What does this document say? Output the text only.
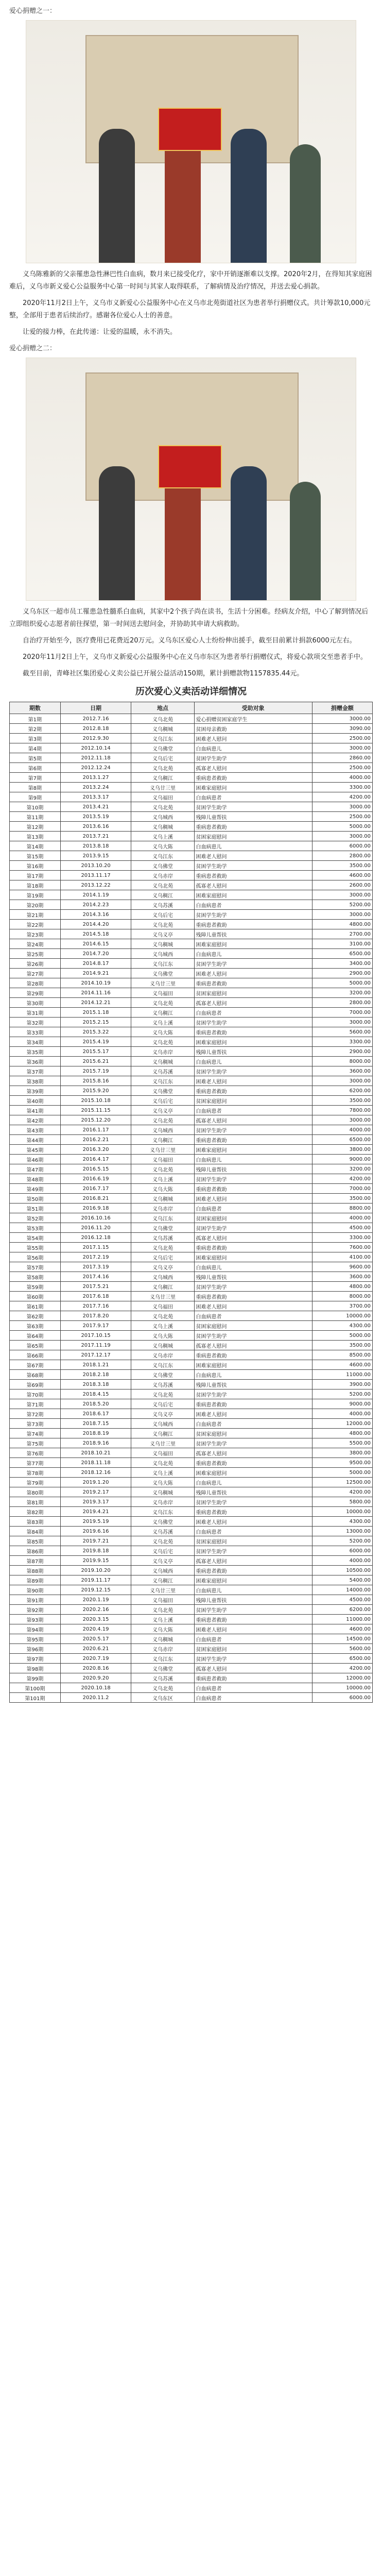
爱心捐赠之一：

义乌陈雅新的父亲罹患急性淋巴性白血病，数月来已接受化疗，家中开销逐渐难以支撑。2020年2月，在得知其家庭困难后，义乌市新义爱心公益服务中心第一时间与其家人取得联系，了解病情及治疗情况，并送去爱心捐款。

2020年11月2日上午，义乌市义新爱心公益服务中心在义乌市北苑街道社区为患者举行捐赠仪式。共计筹款10,000元整，全部用于患者后续治疗。感谢各位爱心人士的善意。

让爱的接力棒，在此传递：让爱的温暖，永不消失。

爱心捐赠之二：

义乌东区一超市员工罹患急性髓系白血病，其家中2个孩子尚在读书，生活十分困难。经病友介绍，中心了解到情况后立即组织爱心志愿者前往探望，第一时间送去慰问金，并协助其申请大病救助。

自治疗开始至今，医疗费用已花费近20万元。义乌东区爱心人士纷纷伸出援手，截至目前累计捐款6000元左右。

2020年11月2日上午，义乌市义新爱心公益服务中心在义乌市东区为患者举行捐赠仪式，将爱心款项交至患者手中。

截至目前，青峰社区集团爱心义卖公益已开展公益活动150期，累计捐赠款物1157835.44元。

历次爱心义卖活动详细情况
期数	日期	地点	受助对象	捐赠金额
第1期	2012.7.16	义乌北苑	爱心捐赠贫困家庭学生	3000.00
第2期	2012.8.18	义乌稠城	贫困母亲救助	3090.00
第3期	2012.9.30	义乌江东	困难老人慰问	2500.00
第4期	2012.10.14	义乌佛堂	白血病患儿	3000.00
第5期	2012.11.18	义乌后宅	贫困学生助学	2860.00
第6期	2012.12.24	义乌北苑	孤寡老人慰问	2500.00
第7期	2013.1.27	义乌稠江	重病患者救助	4000.00
第8期	2013.2.24	义乌廿三里	困难家庭慰问	3300.00
第9期	2013.3.17	义乌福田	白血病患者	4200.00
第10期	2013.4.21	义乌北苑	贫困学生助学	3000.00
第11期	2013.5.19	义乌城西	残障儿童帮扶	2500.00
第12期	2013.6.16	义乌稠城	重病患者救助	5000.00
第13期	2013.7.21	义乌上溪	贫困家庭慰问	3000.00
第14期	2013.8.18	义乌大陈	白血病患儿	6000.00
第15期	2013.9.15	义乌江东	困难老人慰问	2800.00
第16期	2013.10.20	义乌佛堂	贫困学生助学	3500.00
第17期	2013.11.17	义乌赤岸	重病患者救助	4600.00
第18期	2013.12.22	义乌北苑	孤寡老人慰问	2600.00
第19期	2014.1.19	义乌稠江	困难家庭慰问	3000.00
第20期	2014.2.23	义乌苏溪	白血病患者	5200.00
第21期	2014.3.16	义乌后宅	贫困学生助学	3000.00
第22期	2014.4.20	义乌北苑	重病患者救助	4800.00
第23期	2014.5.18	义乌义亭	残障儿童帮扶	2700.00
第24期	2014.6.15	义乌稠城	困难家庭慰问	3100.00
第25期	2014.7.20	义乌城西	白血病患儿	6500.00
第26期	2014.8.17	义乌江东	贫困学生助学	3400.00
第27期	2014.9.21	义乌佛堂	困难老人慰问	2900.00
第28期	2014.10.19	义乌廿三里	重病患者救助	5000.00
第29期	2014.11.16	义乌福田	贫困家庭慰问	3200.00
第30期	2014.12.21	义乌北苑	孤寡老人慰问	2800.00
第31期	2015.1.18	义乌稠江	白血病患者	7000.00
第32期	2015.2.15	义乌上溪	贫困学生助学	3000.00
第33期	2015.3.22	义乌大陈	重病患者救助	5600.00
第34期	2015.4.19	义乌北苑	困难家庭慰问	3300.00
第35期	2015.5.17	义乌赤岸	残障儿童帮扶	2900.00
第36期	2015.6.21	义乌稠城	白血病患儿	8000.00
第37期	2015.7.19	义乌苏溪	贫困学生助学	3600.00
第38期	2015.8.16	义乌江东	困难老人慰问	3000.00
第39期	2015.9.20	义乌佛堂	重病患者救助	6200.00
第40期	2015.10.18	义乌后宅	贫困家庭慰问	3500.00
第41期	2015.11.15	义乌义亭	白血病患者	7800.00
第42期	2015.12.20	义乌北苑	孤寡老人慰问	3000.00
第43期	2016.1.17	义乌城西	贫困学生助学	4000.00
第44期	2016.2.21	义乌稠江	重病患者救助	6500.00
第45期	2016.3.20	义乌廿三里	困难家庭慰问	3800.00
第46期	2016.4.17	义乌福田	白血病患儿	9000.00
第47期	2016.5.15	义乌北苑	残障儿童帮扶	3200.00
第48期	2016.6.19	义乌上溪	贫困学生助学	4200.00
第49期	2016.7.17	义乌大陈	重病患者救助	7000.00
第50期	2016.8.21	义乌稠城	困难老人慰问	3500.00
第51期	2016.9.18	义乌赤岸	白血病患者	8800.00
第52期	2016.10.16	义乌江东	贫困家庭慰问	4000.00
第53期	2016.11.20	义乌佛堂	贫困学生助学	4500.00
第54期	2016.12.18	义乌苏溪	孤寡老人慰问	3300.00
第55期	2017.1.15	义乌北苑	重病患者救助	7600.00
第56期	2017.2.19	义乌后宅	困难家庭慰问	4100.00
第57期	2017.3.19	义乌义亭	白血病患儿	9600.00
第58期	2017.4.16	义乌城西	残障儿童帮扶	3600.00
第59期	2017.5.21	义乌稠江	贫困学生助学	4800.00
第60期	2017.6.18	义乌廿三里	重病患者救助	8000.00
第61期	2017.7.16	义乌福田	困难老人慰问	3700.00
第62期	2017.8.20	义乌北苑	白血病患者	10000.00
第63期	2017.9.17	义乌上溪	贫困家庭慰问	4300.00
第64期	2017.10.15	义乌大陈	贫困学生助学	5000.00
第65期	2017.11.19	义乌稠城	孤寡老人慰问	3500.00
第66期	2017.12.17	义乌赤岸	重病患者救助	8500.00
第67期	2018.1.21	义乌江东	困难家庭慰问	4600.00
第68期	2018.2.18	义乌佛堂	白血病患儿	11000.00
第69期	2018.3.18	义乌苏溪	残障儿童帮扶	3900.00
第70期	2018.4.15	义乌北苑	贫困学生助学	5200.00
第71期	2018.5.20	义乌后宅	重病患者救助	9000.00
第72期	2018.6.17	义乌义亭	困难老人慰问	4000.00
第73期	2018.7.15	义乌城西	白血病患者	12000.00
第74期	2018.8.19	义乌稠江	贫困家庭慰问	4800.00
第75期	2018.9.16	义乌廿三里	贫困学生助学	5500.00
第76期	2018.10.21	义乌福田	孤寡老人慰问	3800.00
第77期	2018.11.18	义乌北苑	重病患者救助	9500.00
第78期	2018.12.16	义乌上溪	困难家庭慰问	5000.00
第79期	2019.1.20	义乌大陈	白血病患儿	12500.00
第80期	2019.2.17	义乌稠城	残障儿童帮扶	4200.00
第81期	2019.3.17	义乌赤岸	贫困学生助学	5800.00
第82期	2019.4.21	义乌江东	重病患者救助	10000.00
第83期	2019.5.19	义乌佛堂	困难老人慰问	4300.00
第84期	2019.6.16	义乌苏溪	白血病患者	13000.00
第85期	2019.7.21	义乌北苑	贫困家庭慰问	5200.00
第86期	2019.8.18	义乌后宅	贫困学生助学	6000.00
第87期	2019.9.15	义乌义亭	孤寡老人慰问	4000.00
第88期	2019.10.20	义乌城西	重病患者救助	10500.00
第89期	2019.11.17	义乌稠江	困难家庭慰问	5400.00
第90期	2019.12.15	义乌廿三里	白血病患儿	14000.00
第91期	2020.1.19	义乌福田	残障儿童帮扶	4500.00
第92期	2020.2.16	义乌北苑	贫困学生助学	6200.00
第93期	2020.3.15	义乌上溪	重病患者救助	11000.00
第94期	2020.4.19	义乌大陈	困难老人慰问	4600.00
第95期	2020.5.17	义乌稠城	白血病患者	14500.00
第96期	2020.6.21	义乌赤岸	贫困家庭慰问	5600.00
第97期	2020.7.19	义乌江东	贫困学生助学	6500.00
第98期	2020.8.16	义乌佛堂	孤寡老人慰问	4200.00
第99期	2020.9.20	义乌苏溪	重病患者救助	12000.00
第100期	2020.10.18	义乌北苑	白血病患者	10000.00
第101期	2020.11.2	义乌东区	白血病患者	6000.00
